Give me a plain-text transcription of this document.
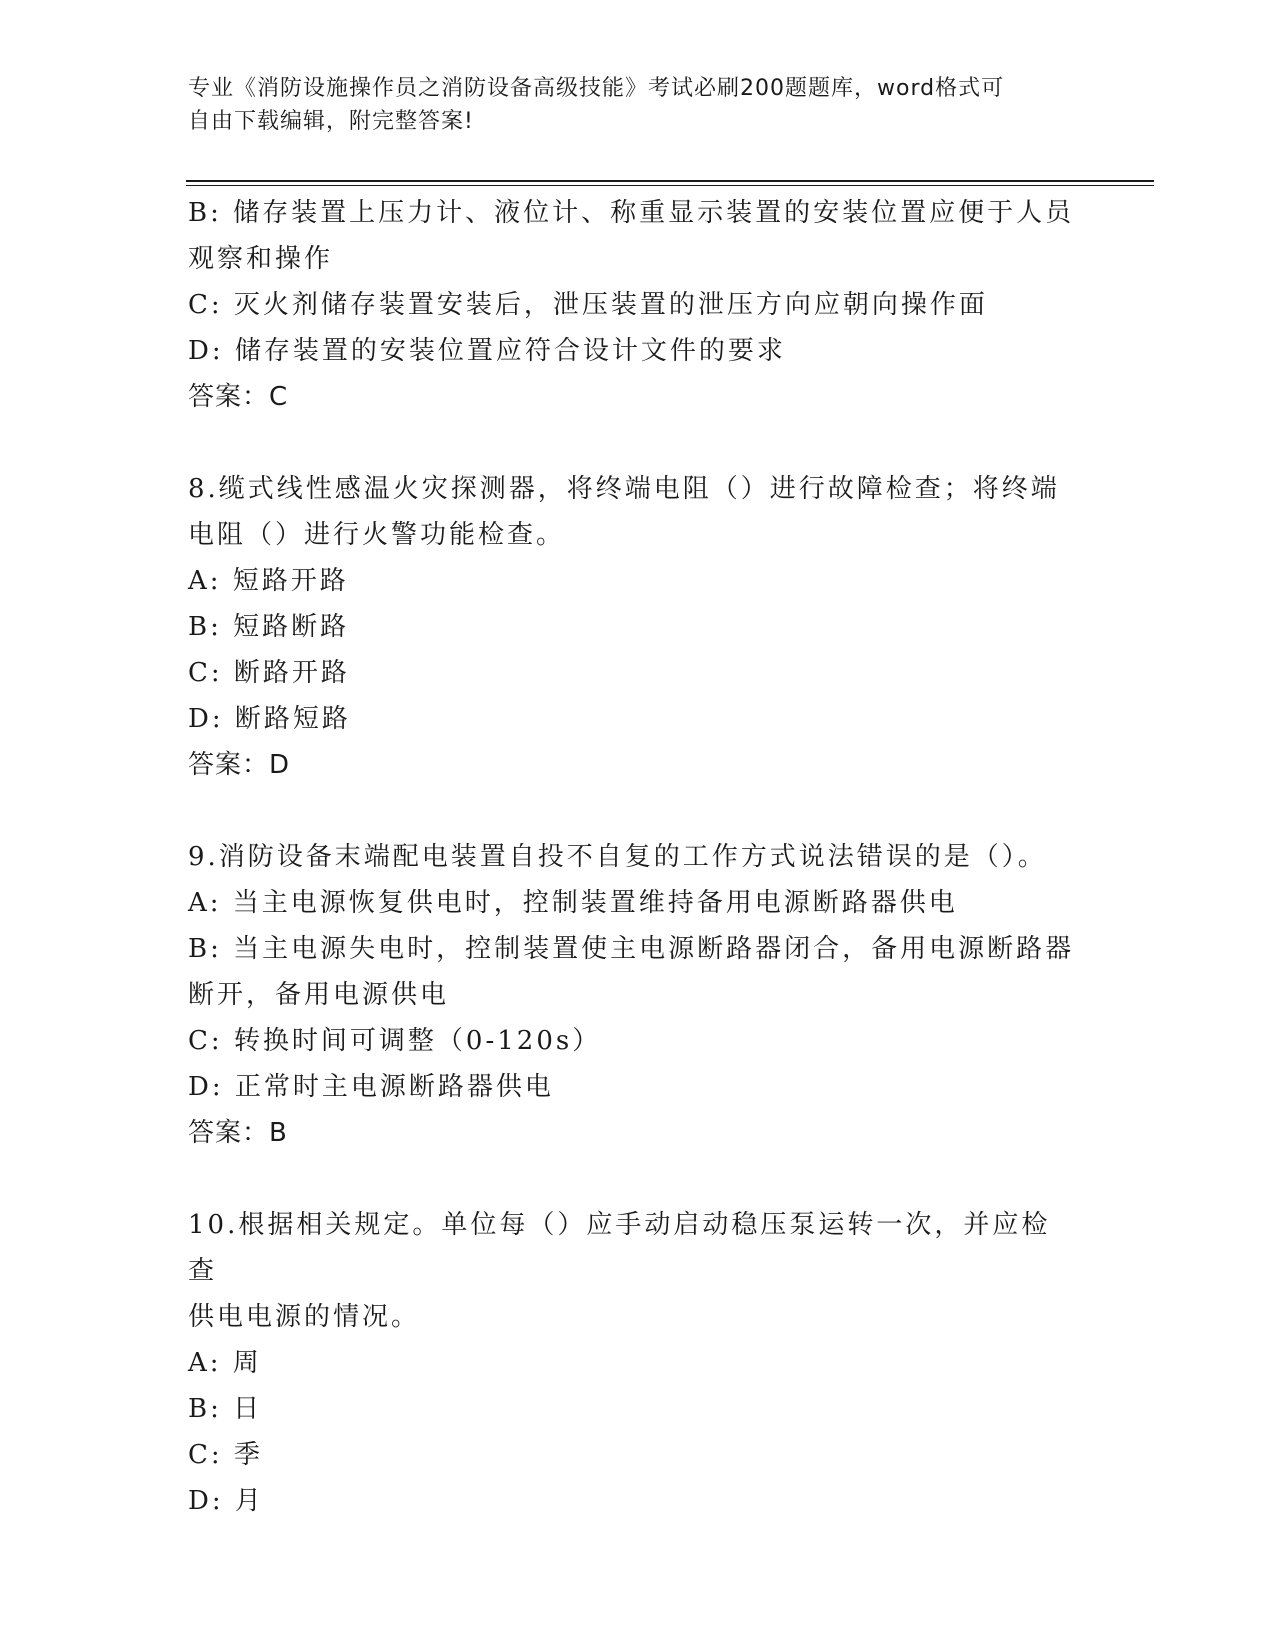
专业《消防设施操作员之消防设备高级技能》考试必刷200题题库，word格式可
自由下载编辑，附完整答案!
B: 储存装置上压力计、液位计、称重显示装置的安装位置应便于人员
观察和操作
C: 灭火剂储存装置安装后，泄压装置的泄压方向应朝向操作面
D: 储存装置的安装位置应符合设计文件的要求
答案：C
8.缆式线性感温火灾探测器，将终端电阻（）进行故障检查；将终端
电阻（）进行火警功能检查。
A: 短路开路
B: 短路断路
C: 断路开路
D: 断路短路
答案：D
9.消防设备末端配电装置自投不自复的工作方式说法错误的是（）。
A: 当主电源恢复供电时，控制装置维持备用电源断路器供电
B: 当主电源失电时，控制装置使主电源断路器闭合，备用电源断路器
断开，备用电源供电
C: 转换时间可调整（0-120s）
D: 正常时主电源断路器供电
答案：B
10.根据相关规定。单位每（）应手动启动稳压泵运转一次，并应检查
供电电源的情况。
A: 周
B: 日
C: 季
D: 月
